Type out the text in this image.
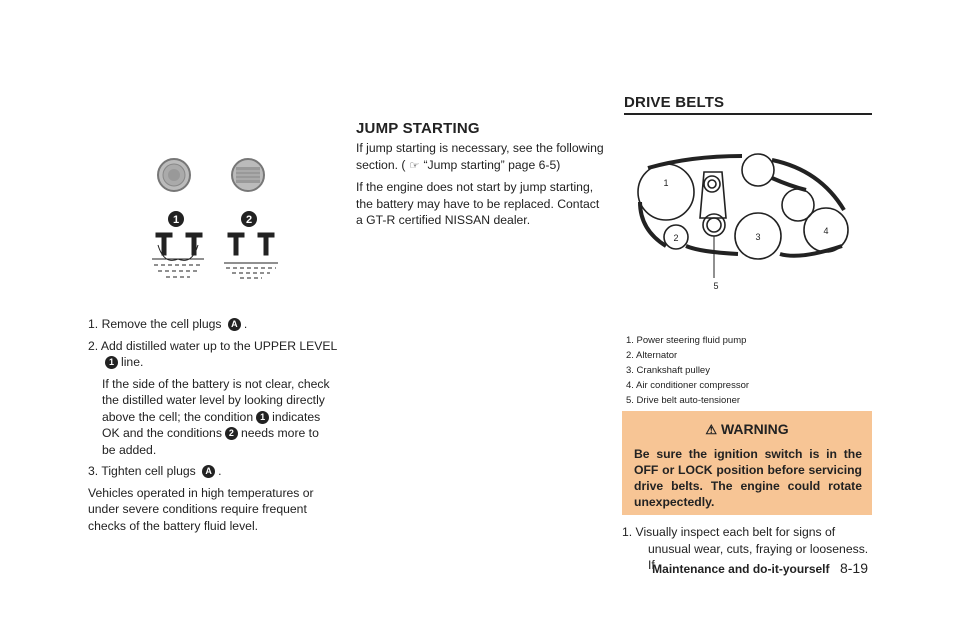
1	2
1. Remove the cell plugs A .
2. Add distilled water up to the UPPER LEVEL
1 line.
If the side of the battery is not clear, check
the distilled water level by looking directly
above the cell; the condition 1 indicates
OK and the conditions 2 needs more to
be added.
3. Tighten cell plugs A .
Vehicles operated in high temperatures or under severe conditions require frequent checks of the battery fluid level.
JUMP STARTING
If jump starting is necessary, see the following section. ( ☞ “Jump starting” page 6-5)
If the engine does not start by jump starting, the battery may have to be replaced. Contact a GT-R certified NISSAN dealer.
DRIVE BELTS
1
2	3
4
5
1. Power steering fluid pump
2. Alternator
3. Crankshaft pulley
4. Air conditioner compressor
5. Drive belt auto-tensioner
⚠ WARNING
Be sure the ignition switch is in the OFF or LOCK position before servicing drive belts. The engine could rotate unexpectedly.
1. Visually inspect each belt for signs of
unusual wear, cuts, fraying or looseness. If
Maintenance and do-it-yourself 8-19
